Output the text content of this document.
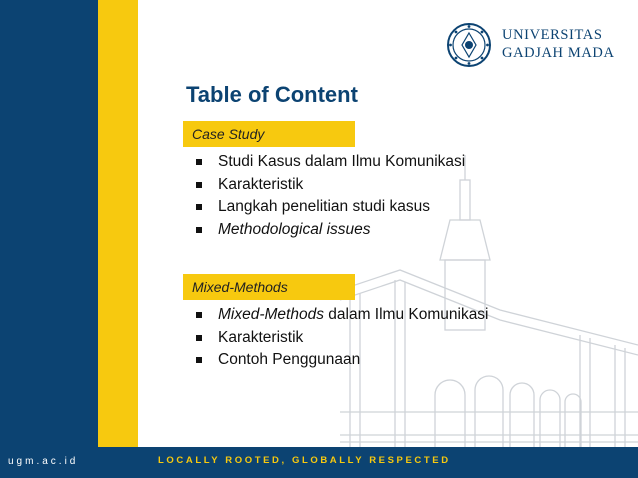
UNIVERSITAS
GADJAH MADA
Table of Content
Case Study
Studi Kasus dalam Ilmu Komunikasi
Karakteristik
Langkah penelitian studi kasus
Methodological issues
Mixed-Methods
Mixed-Methods dalam Ilmu Komunikasi
Karakteristik
Contoh Penggunaan
ugm.ac.id	LOCALLY ROOTED, GLOBALLY RESPECTED
